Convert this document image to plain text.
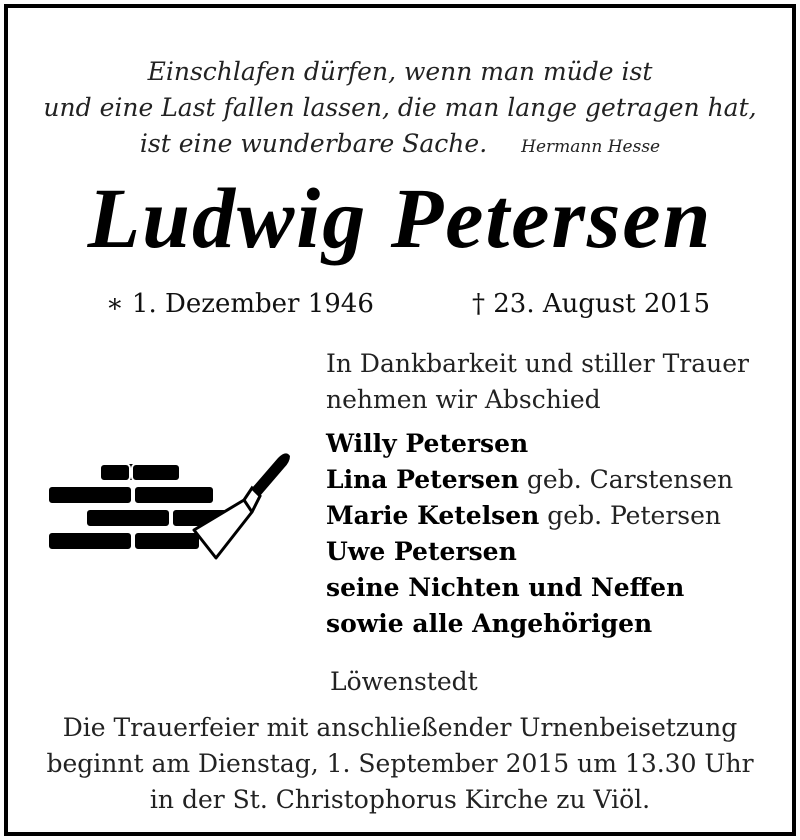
Einschlafen dürfen, wenn man müde ist
und eine Last fallen lassen, die man lange getragen hat,
ist eine wunderbare Sache. Hermann Hesse
Ludwig Petersen
∗ 1. Dezember 1946	† 23. August 2015
In Dankbarkeit und stiller Trauer
nehmen wir Abschied
Willy Petersen
Lina Petersen geb. Carstensen
Marie Ketelsen geb. Petersen
Uwe Petersen
seine Nichten und Neffen
sowie alle Angehörigen
Löwenstedt
Die Trauerfeier mit anschließender Urnenbeisetzung
beginnt am Dienstag, 1. September 2015 um 13.30 Uhr
in der St. Christophorus Kirche zu Viöl.
